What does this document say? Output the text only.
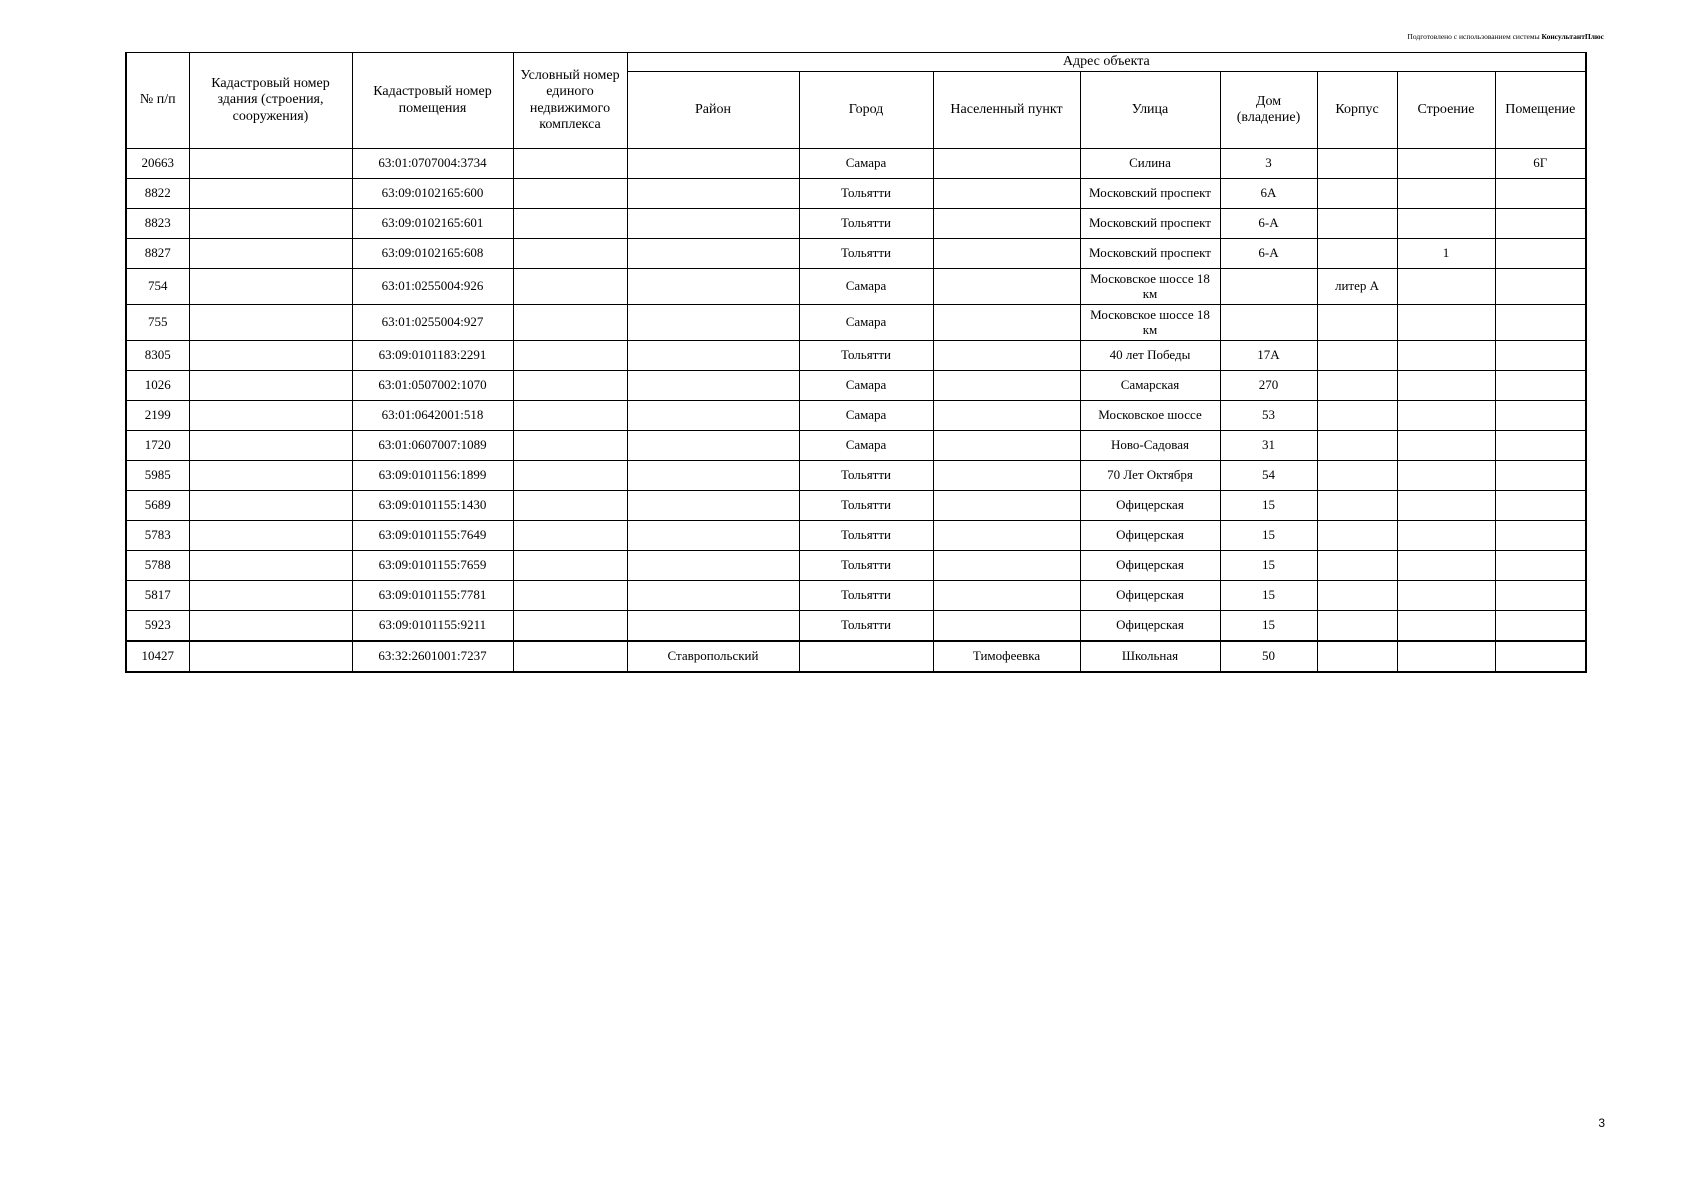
Подготовлено с использованием системы КонсультантПлюс
№ п/п	Кадастровый номер здания (строения, сооружения)	Кадастровый номер помещения	Условный номер единого недвижимого комплекса	Адрес объекта							
				Район	Город	Населенный пункт	Улица	Дом (владение)	Корпус	Строение	Помещение
20663		63:01:0707004:3734			Самара		Силина	3			6Г
8822		63:09:0102165:600			Тольятти		Московский проспект	6А			
8823		63:09:0102165:601			Тольятти		Московский проспект	6-А			
8827		63:09:0102165:608			Тольятти		Московский проспект	6-А		1	
754		63:01:0255004:926			Самара		Московское шоссе 18 км		литер А		
755		63:01:0255004:927			Самара		Московское шоссе 18 км				
8305		63:09:0101183:2291			Тольятти		40 лет Победы	17А			
1026		63:01:0507002:1070			Самара		Самарская	270			
2199		63:01:0642001:518			Самара		Московское шоссе	53			
1720		63:01:0607007:1089			Самара		Ново-Садовая	31			
5985		63:09:0101156:1899			Тольятти		70 Лет Октября	54			
5689		63:09:0101155:1430			Тольятти		Офицерская	15			
5783		63:09:0101155:7649			Тольятти		Офицерская	15			
5788		63:09:0101155:7659			Тольятти		Офицерская	15			
5817		63:09:0101155:7781			Тольятти		Офицерская	15			
5923		63:09:0101155:9211			Тольятти		Офицерская	15			
10427		63:32:2601001:7237		Ставропольский		Тимофеевка	Школьная	50			
3
